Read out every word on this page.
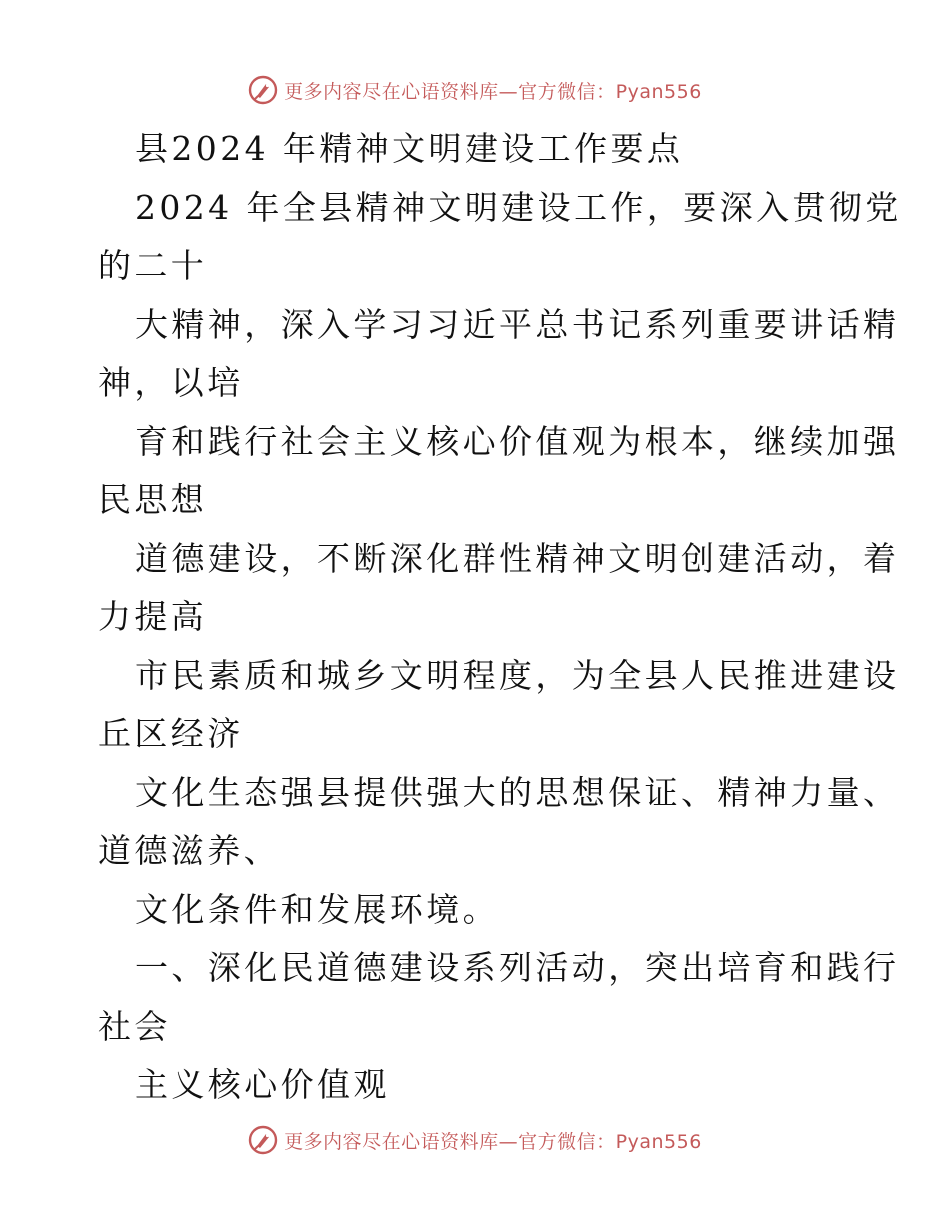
更多内容尽在心语资料库—官方微信：Pyan556
县2024 年精神文明建设工作要点
2024 年全县精神文明建设工作，要深入贯彻党
的二十
大精神，深入学习习近平总书记系列重要讲话精
神，以培
育和践行社会主义核心价值观为根本，继续加强
民思想
道德建设，不断深化群性精神文明创建活动，着
力提高
市民素质和城乡文明程度，为全县人民推进建设
丘区经济
文化生态强县提供强大的思想保证、精神力量、
道德滋养、
文化条件和发展环境。
一、深化民道德建设系列活动，突出培育和践行
社会
主义核心价值观
更多内容尽在心语资料库—官方微信：Pyan556
